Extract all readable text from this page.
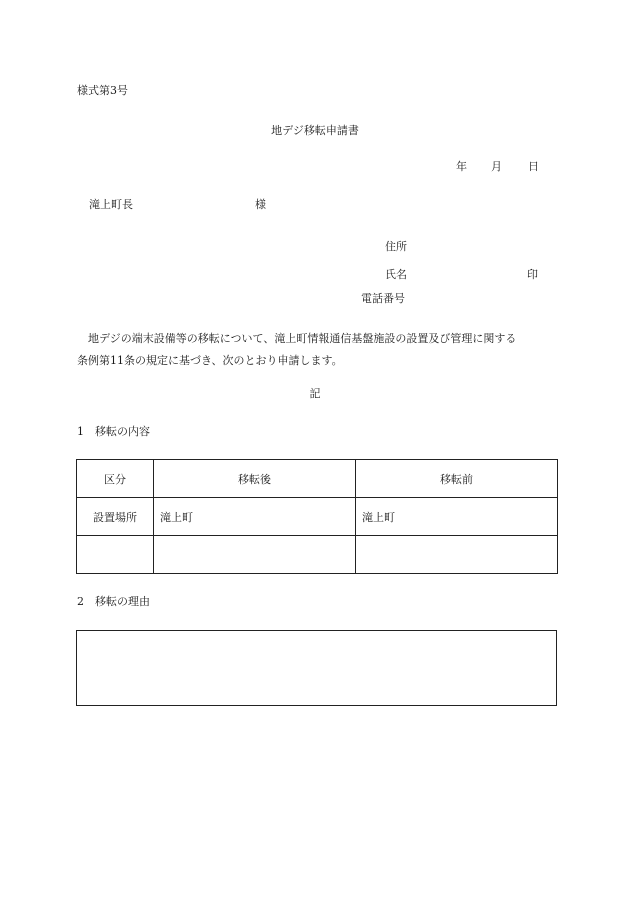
様式第3号
地デジ移転申請書
年 月 日
滝上町長	様
住所
氏名	印
電話番号
地デジの端末設備等の移転について、滝上町情報通信基盤施設の設置及び管理に関する
条例第11条の規定に基づき、次のとおり申請します。
記
1　移転の内容
区分	移転後	移転前
設置場所	滝上町	滝上町

2　移転の理由
